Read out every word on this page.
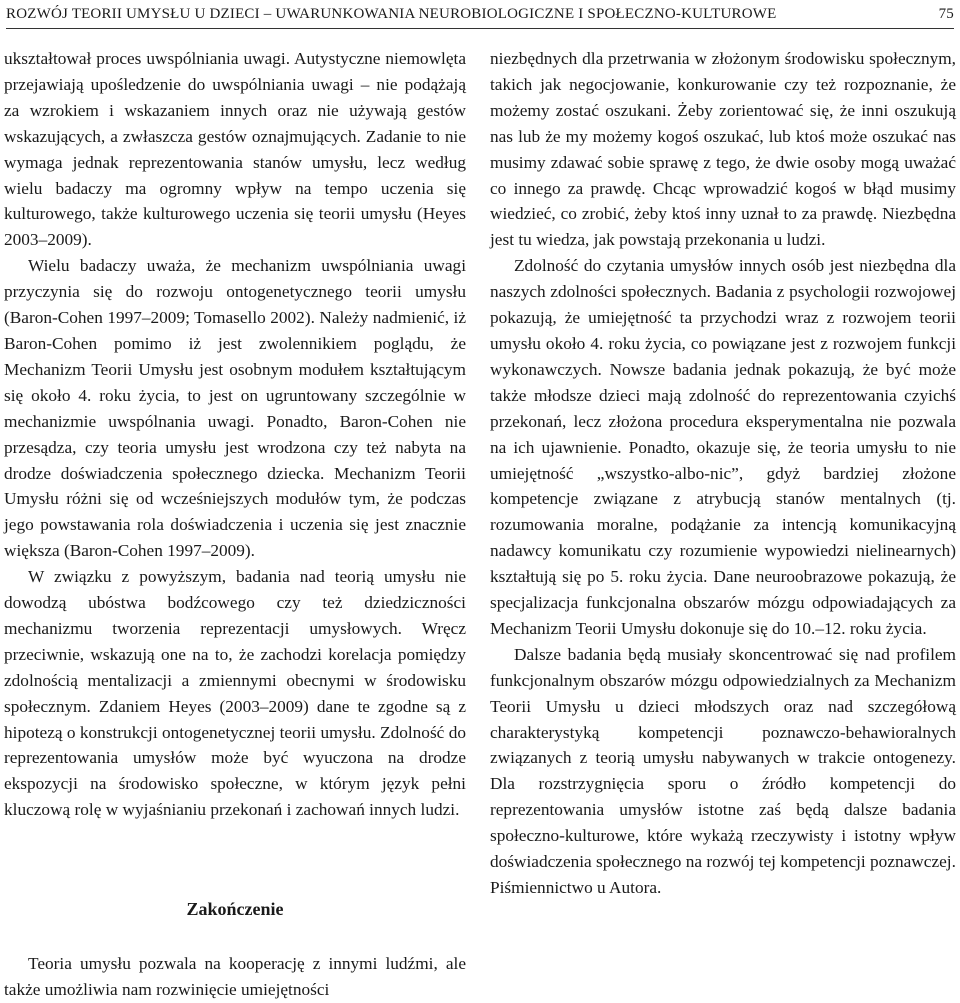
ROZWÓJ TEORII UMYSŁU U DZIECI – UWARUNKOWANIA NEUROBIOLOGICZNE I SPOŁECZNO-KULTUROWE	75

ukształtował proces uwspólniania uwagi. Autystyczne niemowlęta przejawiają upośledzenie do uwspólniania uwagi – nie podążają za wzrokiem i wskazaniem innych oraz nie używają gestów wskazujących, a zwłaszcza gestów oznajmujących. Zadanie to nie wymaga jednak reprezentowania stanów umysłu, lecz według wielu badaczy ma ogromny wpływ na tempo uczenia się kulturowego, także kulturowego uczenia się teorii umysłu (Heyes 2003–2009).

Wielu badaczy uważa, że mechanizm uwspólniania uwagi przyczynia się do rozwoju ontogenetycznego teorii umysłu (Baron-Cohen 1997–2009; Tomasello 2002). Należy nadmienić, iż Baron-Cohen pomimo iż jest zwolennikiem poglądu, że Mechanizm Teorii Umysłu jest osobnym modułem kształtującym się około 4. roku życia, to jest on ugruntowany szczególnie w mechanizmie uwspólnania uwagi. Ponadto, Baron-Cohen nie przesądza, czy teoria umysłu jest wrodzona czy też nabyta na drodze doświadczenia społecznego dziecka. Mechanizm Teorii Umysłu różni się od wcześniejszych modułów tym, że podczas jego powstawania rola doświadczenia i uczenia się jest znacznie większa (Baron-Cohen 1997–2009).

W związku z powyższym, badania nad teorią umysłu nie dowodzą ubóstwa bodźcowego czy też dziedziczności mechanizmu tworzenia reprezentacji umysłowych. Wręcz przeciwnie, wskazują one na to, że zachodzi korelacja pomiędzy zdolnością mentalizacji a zmiennymi obecnymi w środowisku społecznym. Zdaniem Heyes (2003–2009) dane te zgodne są z hipotezą o konstrukcji ontogenetycznej teorii umysłu. Zdolność do reprezentowania umysłów może być wyuczona na drodze ekspozycji na środowisko społeczne, w którym język pełni kluczową rolę w wyjaśnianiu przekonań i zachowań innych ludzi.

Zakończenie

Teoria umysłu pozwala na kooperację z innymi ludźmi, ale także umożliwia nam rozwinięcie umiejętności

niezbędnych dla przetrwania w złożonym środowisku społecznym, takich jak negocjowanie, konkurowanie czy też rozpoznanie, że możemy zostać oszukani. Żeby zorientować się, że inni oszukują nas lub że my możemy kogoś oszukać, lub ktoś może oszukać nas musimy zdawać sobie sprawę z tego, że dwie osoby mogą uważać co innego za prawdę. Chcąc wprowadzić kogoś w błąd musimy wiedzieć, co zrobić, żeby ktoś inny uznał to za prawdę. Niezbędna jest tu wiedza, jak powstają przekonania u ludzi.

Zdolność do czytania umysłów innych osób jest niezbędna dla naszych zdolności społecznych. Badania z psychologii rozwojowej pokazują, że umiejętność ta przychodzi wraz z rozwojem teorii umysłu około 4. roku życia, co powiązane jest z rozwojem funkcji wykonawczych. Nowsze badania jednak pokazują, że być może także młodsze dzieci mają zdolność do reprezentowania czyichś przekonań, lecz złożona procedura eksperymentalna nie pozwala na ich ujawnienie. Ponadto, okazuje się, że teoria umysłu to nie umiejętność „wszystko-albo-nic”, gdyż bardziej złożone kompetencje związane z atrybucją stanów mentalnych (tj. rozumowania moralne, podążanie za intencją komunikacyjną nadawcy komunikatu czy rozumienie wypowiedzi nielinearnych) kształtują się po 5. roku życia. Dane neuroobrazowe pokazują, że specjalizacja funkcjonalna obszarów mózgu odpowiadających za Mechanizm Teorii Umysłu dokonuje się do 10.–12. roku życia.

Dalsze badania będą musiały skoncentrować się nad profilem funkcjonalnym obszarów mózgu odpowiedzialnych za Mechanizm Teorii Umysłu u dzieci młodszych oraz nad szczegółową charakterystyką kompetencji poznawczo-behawioralnych związanych z teorią umysłu nabywanych w trakcie ontogenezy. Dla rozstrzygnięcia sporu o źródło kompetencji do reprezentowania umysłów istotne zaś będą dalsze badania społeczno-kulturowe, które wykażą rzeczywisty i istotny wpływ doświadczenia społecznego na rozwój tej kompetencji poznawczej.

Piśmiennictwo u Autora.
